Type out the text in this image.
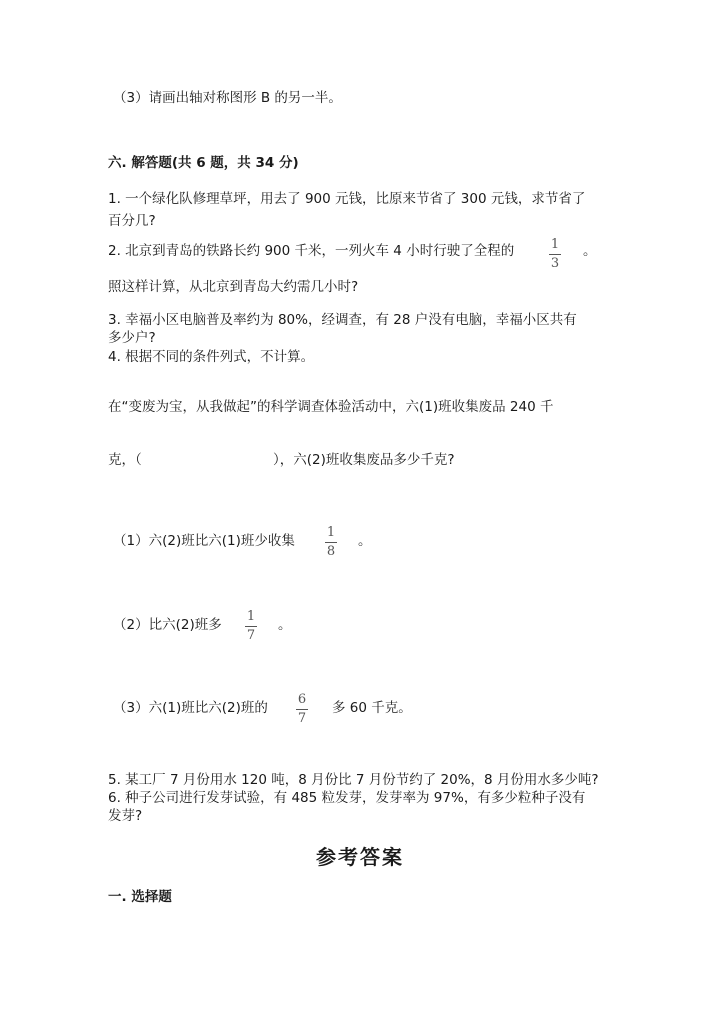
（3）请画出轴对称图形 B 的另一半。
六. 解答题(共 6 题，共 34 分)
1. 一个绿化队修理草坪，用去了 900 元钱，比原来节省了 300 元钱，求节省了
百分几?
2. 北京到青岛的铁路长约 900 千米，一列火车 4 小时行驶了全程的	1
3
。
照这样计算，从北京到青岛大约需几小时?
3. 幸福小区电脑普及率约为 80%，经调查，有 28 户没有电脑，幸福小区共有
多少户?
4. 根据不同的条件列式，不计算。
在“变废为宝，从我做起”的科学调查体验活动中，六(1)班收集废品 240 千
克，（	），六(2)班收集废品多少千克?
（1）六(2)班比六(1)班少收集
1
8
。
（2）比六(2)班多
1
7
。
（3）六(1)班比六(2)班的
6
7
多 60 千克。
5. 某工厂 7 月份用水 120 吨，8 月份比 7 月份节约了 20%，8 月份用水多少吨?
6. 种子公司进行发芽试验，有 485 粒发芽，发芽率为 97%，有多少粒种子没有
发芽?
参考答案
一. 选择题
